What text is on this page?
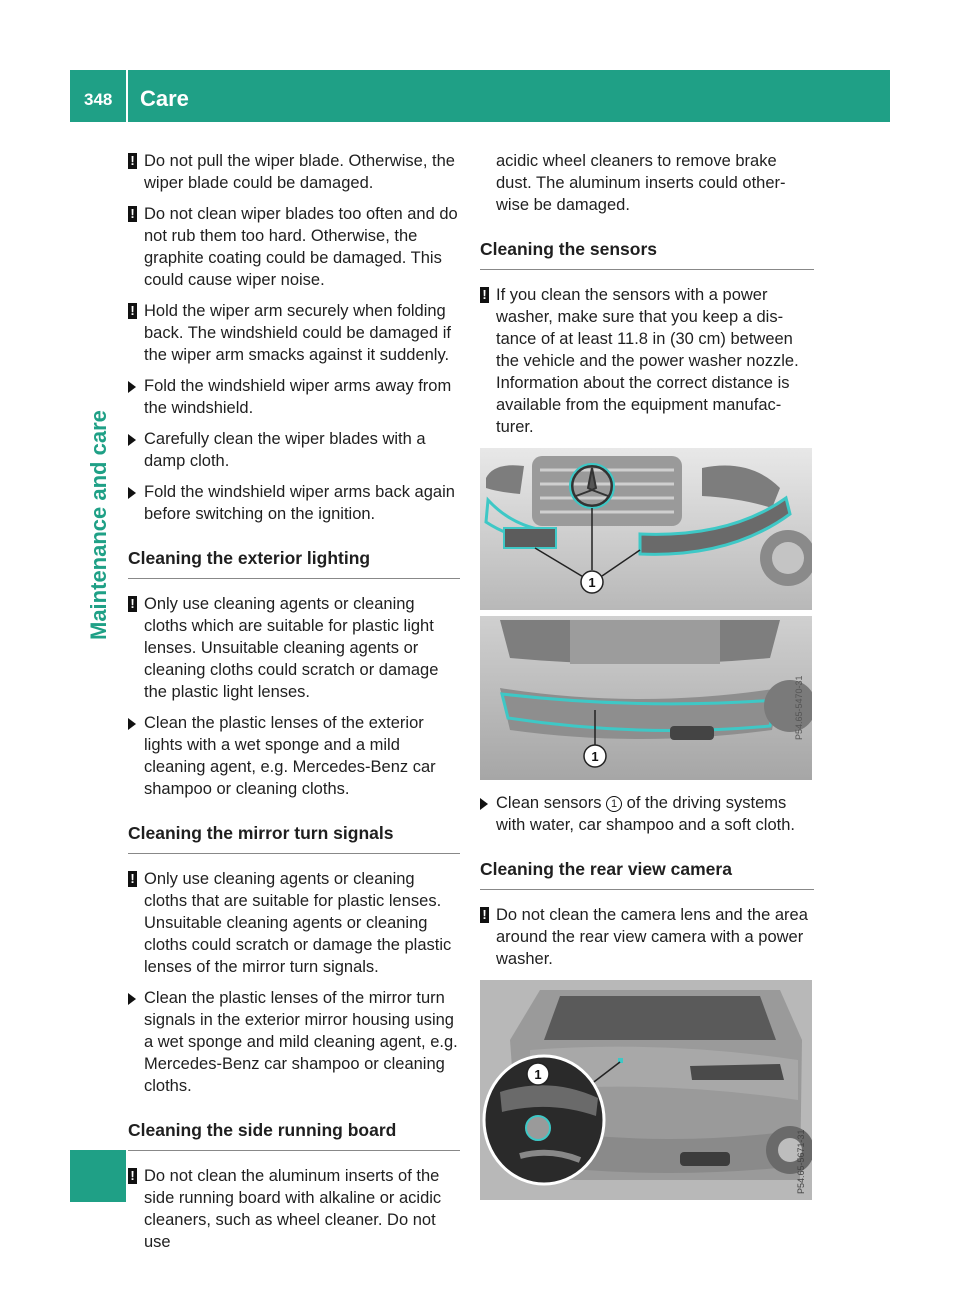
348 Care
Maintenance and care
! Do not pull the wiper blade. Otherwise, the wiper blade could be damaged.
! Do not clean wiper blades too often and do not rub them too hard. Otherwise, the graphite coating could be damaged. This could cause wiper noise.
! Hold the wiper arm securely when folding back. The windshield could be damaged if the wiper arm smacks against it suddenly.
Fold the windshield wiper arms away from the windshield.
Carefully clean the wiper blades with a damp cloth.
Fold the windshield wiper arms back again before switching on the ignition.
Cleaning the exterior lighting
! Only use cleaning agents or cleaning cloths which are suitable for plastic light lenses. Unsuitable cleaning agents or cleaning cloths could scratch or damage the plastic light lenses.
Clean the plastic lenses of the exterior lights with a wet sponge and a mild cleaning agent, e.g. Mercedes-Benz car shampoo or cleaning cloths.
Cleaning the mirror turn signals
! Only use cleaning agents or cleaning cloths that are suitable for plastic lenses. Unsuitable cleaning agents or cleaning cloths could scratch or damage the plastic lenses of the mirror turn signals.
Clean the plastic lenses of the mirror turn signals in the exterior mirror housing using a wet sponge and mild cleaning agent, e.g. Mercedes-Benz car shampoo or cleaning cloths.
Cleaning the side running board
! Do not clean the aluminum inserts of the side running board with alkaline or acidic cleaners, such as wheel cleaner. Do not use
acidic wheel cleaners to remove brake dust. The aluminum inserts could other-wise be damaged.
Cleaning the sensors
! If you clean the sensors with a power washer, make sure that you keep a dis-tance of at least 11.8 in (30 cm) between the vehicle and the power washer nozzle. Information about the correct distance is available from the equipment manufac-turer.
1
1
P54.65-5470-31
Clean sensors 1 of the driving systems with water, car shampoo and a soft cloth.
Cleaning the rear view camera
! Do not clean the camera lens and the area around the rear view camera with a power washer.
1
P54.65-5671-31
